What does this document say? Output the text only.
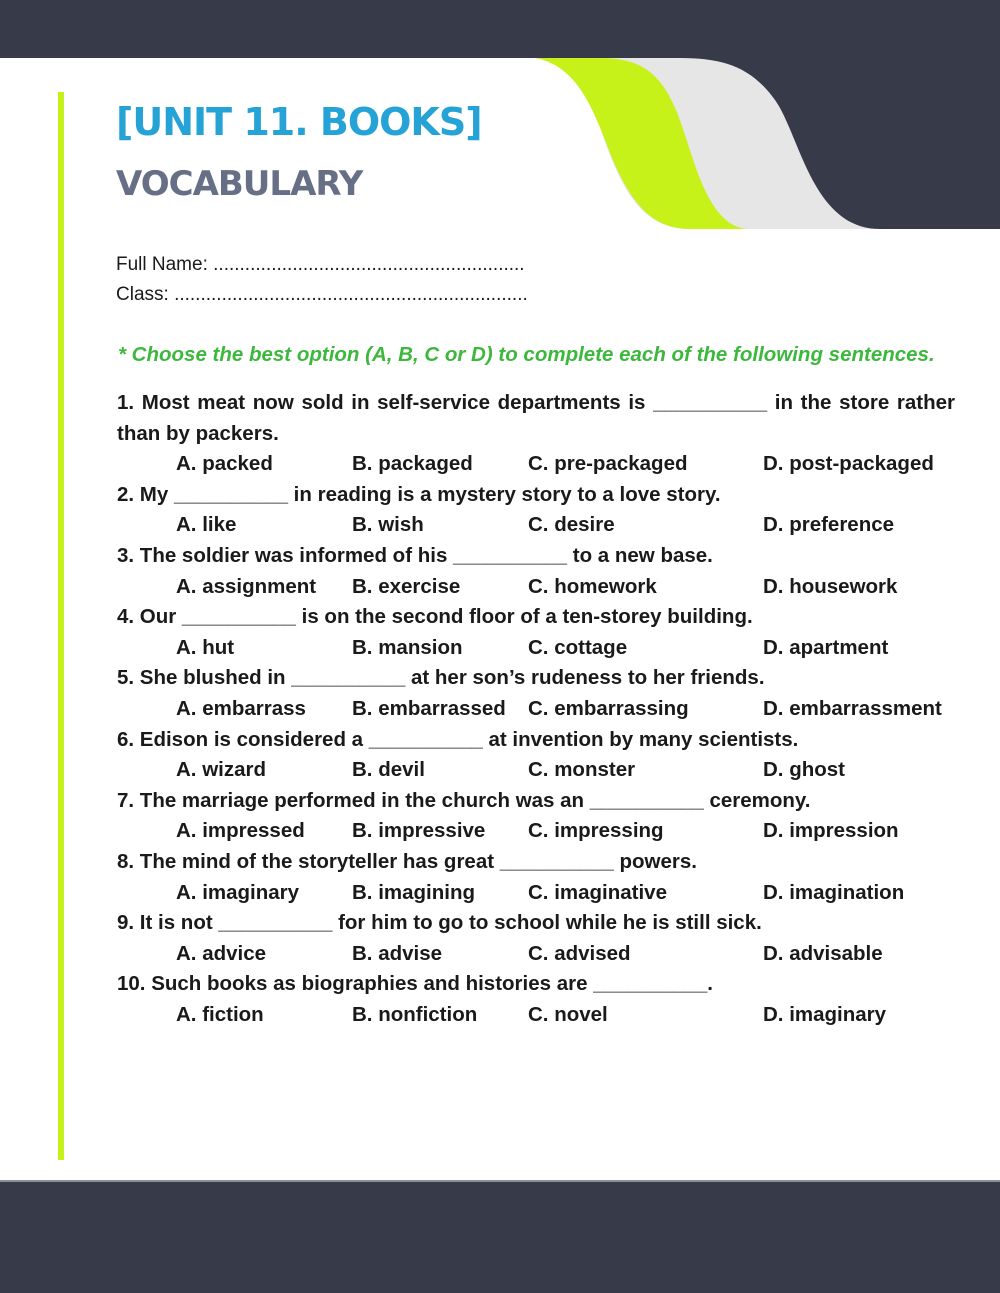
[UNIT 11. BOOKS]
VOCABULARY
Full Name: ...........................................................
Class: ...................................................................
* Choose the best option (A, B, C or D) to complete each of the following sentences.
1. Most meat now sold in self-service departments is __________ in the store rather than by packers.
A. packed	B. packaged	C. pre-packaged	D. post-packaged
2. My __________ in reading is a mystery story to a love story.
A. like	B. wish	C. desire	D. preference
3. The soldier was informed of his __________ to a new base.
A. assignment B. exercise	C. homework	D. housework
4. Our __________ is on the second floor of a ten-storey building.
A. hut	B. mansion	C. cottage	D. apartment
5. She blushed in __________ at her son’s rudeness to her friends.
A. embarrass B. embarrassed C. embarrassing	D. embarrassment
6. Edison is considered a __________ at invention by many scientists.
A. wizard	B. devil	C. monster	D. ghost
7. The marriage performed in the church was an __________ ceremony.
A. impressed B. impressive C. impressing	D. impression
8. The mind of the storyteller has great __________ powers.
A. imaginary	B. imagining	C. imaginative	D. imagination
9. It is not __________ for him to go to school while he is still sick.
A. advice	B. advise	C. advised	D. advisable
10. Such books as biographies and histories are __________.
A. fiction	B. nonfiction C. novel	D. imaginary
